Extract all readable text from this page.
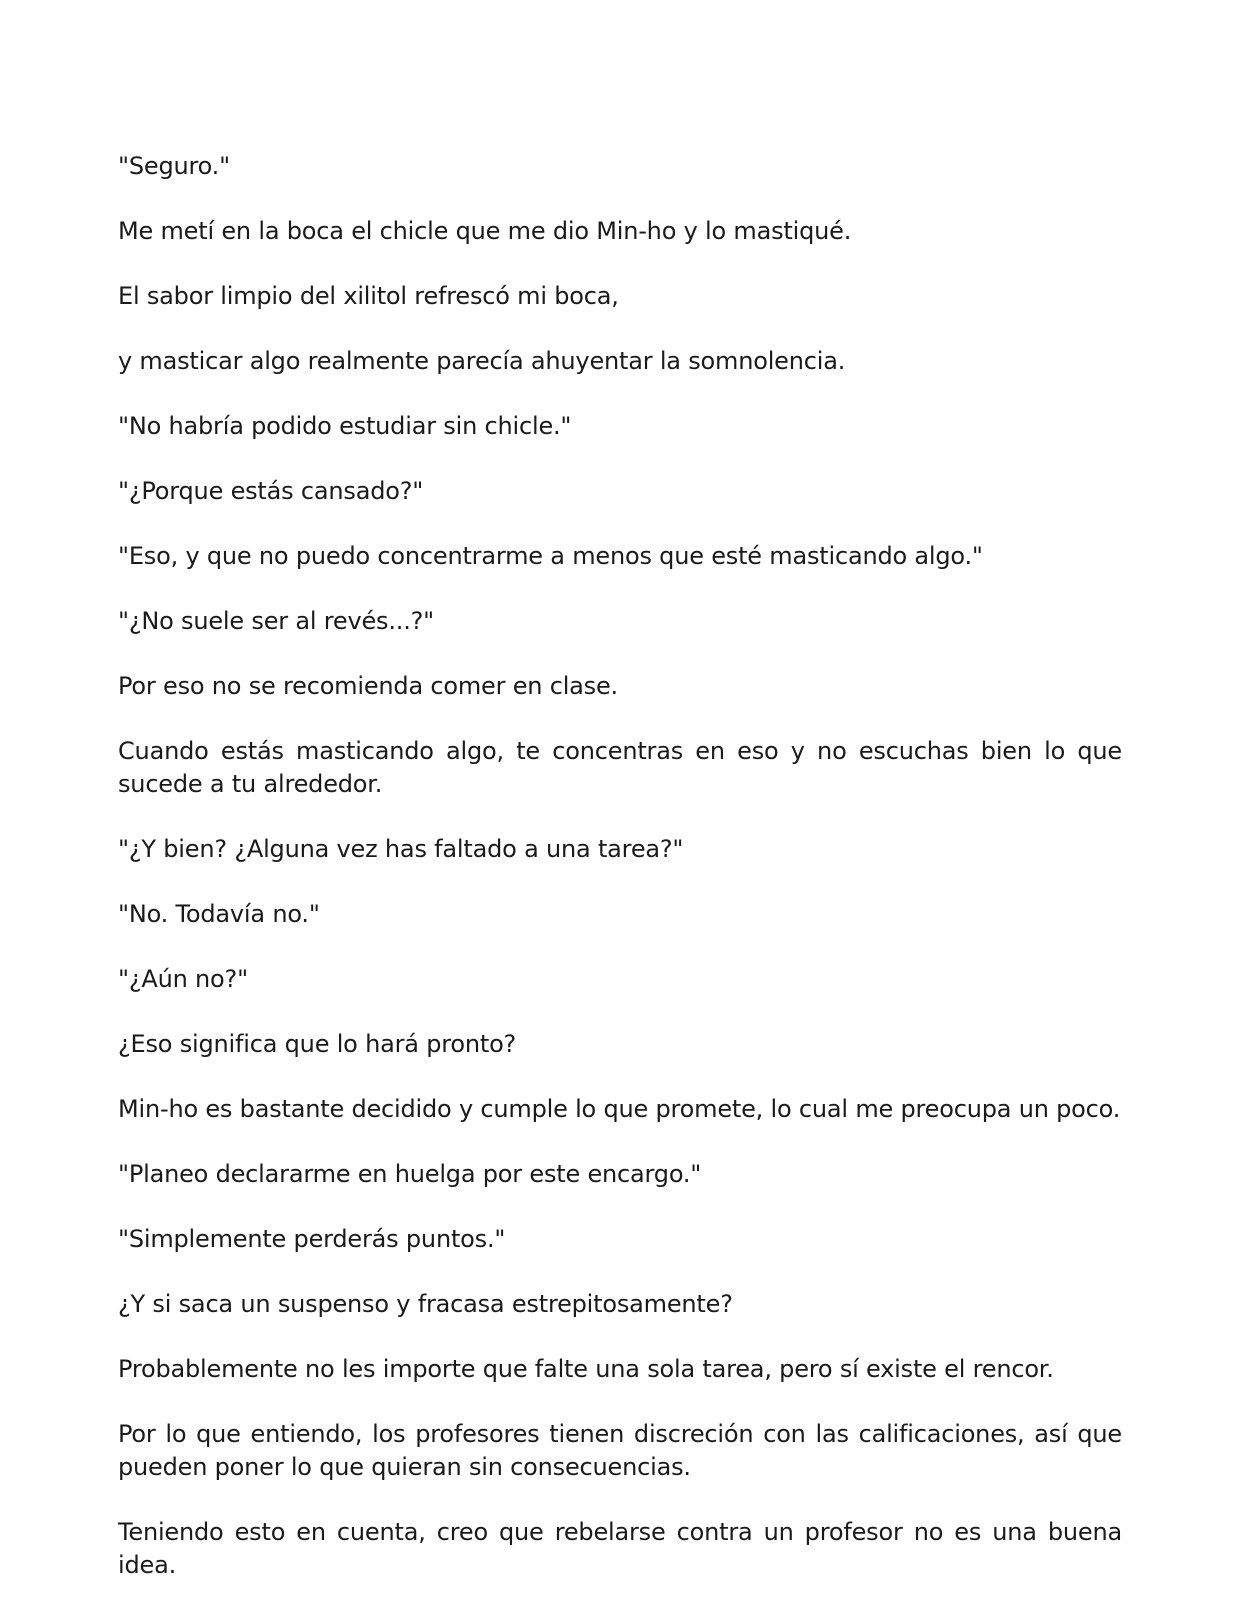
"Seguro."

Me metí en la boca el chicle que me dio Min-ho y lo mastiqué.

El sabor limpio del xilitol refrescó mi boca,

y masticar algo realmente parecía ahuyentar la somnolencia.

"No habría podido estudiar sin chicle."

"¿Porque estás cansado?"

"Eso, y que no puedo concentrarme a menos que esté masticando algo."

"¿No suele ser al revés...?"

Por eso no se recomienda comer en clase.

Cuando estás masticando algo, te concentras en eso y no escuchas bien lo que sucede a tu alrededor.

"¿Y bien? ¿Alguna vez has faltado a una tarea?"

"No. Todavía no."

"¿Aún no?"

¿Eso significa que lo hará pronto?

Min-ho es bastante decidido y cumple lo que promete, lo cual me preocupa un poco.

"Planeo declararme en huelga por este encargo."

"Simplemente perderás puntos."

¿Y si saca un suspenso y fracasa estrepitosamente?

Probablemente no les importe que falte una sola tarea, pero sí existe el rencor.

Por lo que entiendo, los profesores tienen discreción con las calificaciones, así que pueden poner lo que quieran sin consecuencias.

Teniendo esto en cuenta, creo que rebelarse contra un profesor no es una buena idea.
